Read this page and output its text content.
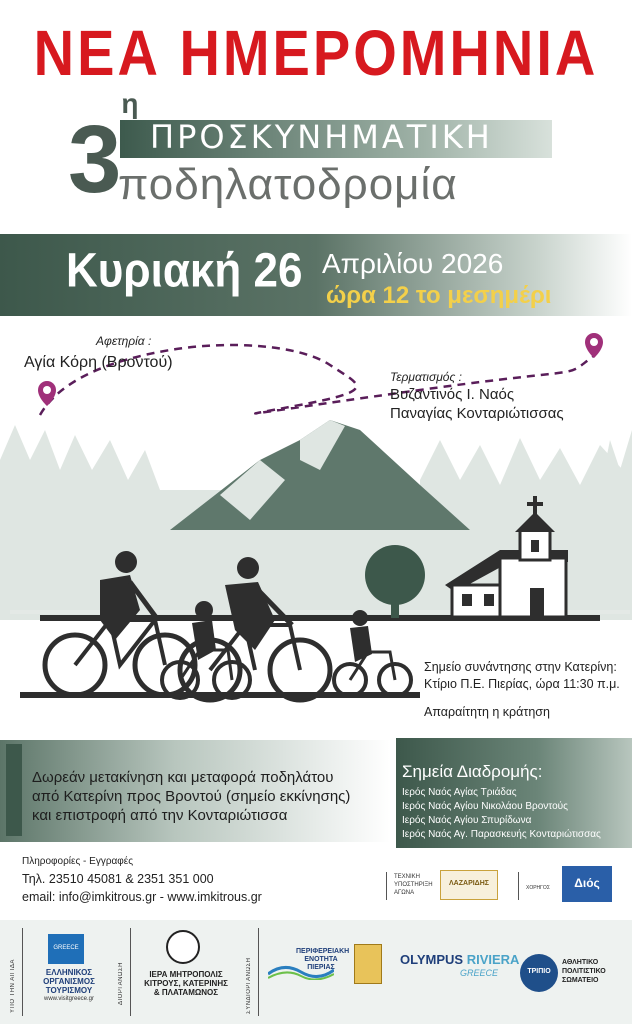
ΝΕΑ ΗΜΕΡΟΜΗΝΙΑ
$3^\eta$
ΠΡΟΣΚΥΝΗΜΑΤΙΚΗ
ποδηλατοδρομία
Κυριακή 26 Απριλίου 2026
ώρα 12 το μεσημέρι
Αφετηρία :
Αγία Κόρη (Βροντού)
Τερματισμός :
Βυζαντινός Ι. Ναός
Παναγίας Κονταριώτισσας
Σημείο συνάντησης στην Κατερίνη:
Κτίριο Π.Ε. Πιερίας, ώρα 11:30 π.μ.
Απαραίτητη η κράτηση
Δωρεάν μετακίνηση και μεταφορά ποδηλάτου
από Κατερίνη προς Βροντού (σημείο εκκίνησης)
και επιστροφή από την Κονταριώτισσα
Σημεία Διαδρομής:
Ιερός Ναός Αγίας Τριάδας
Ιερός Ναός Αγίου Νικολάου Βροντούς
Ιερός Ναός Αγίου Σπυρίδωνα
Ιερός Ναός Αγ. Παρασκευής Κονταριώτισσας
Πληροφορίες - Εγγραφές
Τηλ. 23510 45081 & 2351 351 000
email: info@imkitrous.gr - www.imkitrous.gr
ΤΕΧΝΙΚΗ
ΥΠΟΣΤΗΡΙΞΗ
ΑΓΩΝΑ
ΛΑΖΑΡΙΔΗΣ
ΧΟΡΗΓΟΣ	Διός
ΥΠΟ ΤΗΝ ΑΙΓΙΔΑ
GREECE
ΕΛΛΗΝΙΚΟΣ
ΟΡΓΑΝΙΣΜΟΣ
ΤΟΥΡΙΣΜΟΥ
www.visitgreece.gr	ΔΙΟΡΓΑΝΩΣΗ	ΙΕΡΑ ΜΗΤΡΟΠΟΛΙΣ
ΚΙΤΡΟΥΣ, ΚΑΤΕΡΙΝΗΣ
& ΠΛΑΤΑΜΩΝΟΣ	ΣΥΝΔΙΟΡΓΑΝΩΣΗ
ΠΕΡΙΦΕΡΕΙΑΚΗ
ΕΝΟΤΗΤΑ
ΠΙΕΡΙΑΣ
OLYMPUS RIVIERA
GREECE	ΤΡΙΠΙΟ
ΑΘΛΗΤΙΚΟ
ΠΟΛΙΤΙΣΤΙΚΟ
ΣΩΜΑΤΕΙΟ
